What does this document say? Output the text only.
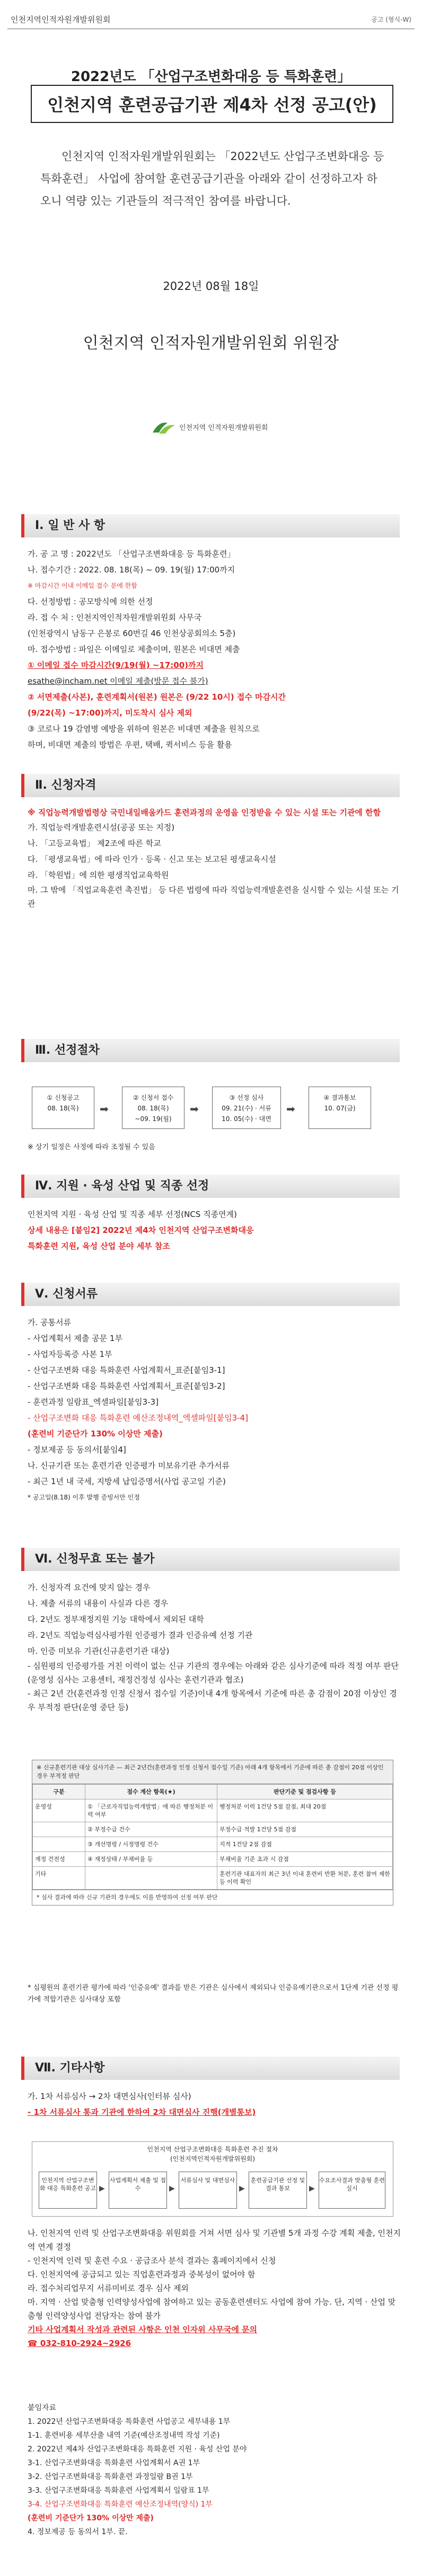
인천지역인적자원개발위원회	공고 (형식-W)
2022년도 「산업구조변화대응 등 특화훈련」
인천지역 훈련공급기관 제4차 선정 공고(안)
인천지역 인적자원개발위원회는 「2022년도 산업구조변화대응 등 특화훈련」 사업에 참여할 훈련공급기관을 아래와 같이 선정하고자 하오니 역량 있는 기관들의 적극적인 참여를 바랍니다.
2022년 08월 18일
인천지역 인적자원개발위원회 위원장
인천지역 인적자원개발위원회
Ⅰ. 일 반 사 항
가. 공 고 명 : 2022년도 「산업구조변화대응 등 특화훈련」
나. 접수기간 : 2022. 08. 18(목) ~ 09. 19(월) 17:00까지
※ 마감시간 이내 이메일 접수 분에 한함
다. 선정방법 : 공모방식에 의한 선정
라. 접 수 처 : 인천지역인적자원개발위원회 사무국
(인천광역시 남동구 은봉로 60번길 46 인천상공회의소 5층)
마. 접수방법 : 파일은 이메일로 제출이며, 원본은 비대면 제출
① 이메일 접수 마감시간(9/19(월) ~17:00)까지
esathe@incham.net 이메일 제출(방문 접수 불가)
② 서면제출(사본), 훈련계획서(원본) 원본은 (9/22 10시) 접수 마감시간
(9/22(목) ~17:00)까지, 미도착시 심사 제외
③ 코로나 19 감염병 예방을 위하여 원본은 비대면 제출을 원칙으로
하며, 비대면 제출의 방법은 우편, 택배, 퀵서비스 등을 활용
Ⅱ. 신청자격
※ 직업능력개발법령상 국민내일배움카드 훈련과정의 운영을 인정받을 수 있는 시설 또는 기관에 한함
가. 직업능력개발훈련시설(공공 또는 지정)
나. 「고등교육법」 제2조에 따른 학교
다. 「평생교육법」에 따라 인가 · 등록 · 신고 또는 보고된 평생교육시설
라. 「학원법」에 의한 평생직업교육학원
마. 그 밖에 「직업교육훈련 촉진법」 등 다른 법령에 따라 직업능력개발훈련을 실시할 수 있는 시설 또는 기관
Ⅲ. 선정절차
① 신청공고
08. 18(목)	➡
② 신청서 접수
08. 18(목)
~09. 19(월)
➡
③ 선정 심사
09. 21(수) · 서류
10. 05(수) · 대면
➡
④ 결과통보
10. 07(금)
※ 상기 일정은 사정에 따라 조정될 수 있음
Ⅳ. 지원 · 육성 산업 및 직종 선정
인천지역 지원 · 육성 산업 및 직종 세부 선정(NCS 직종연계)
상세 내용은 [붙임2] 2022년 제4차 인천지역 산업구조변화대응
특화훈련 지원, 육성 산업 분야 세부 참조
Ⅴ. 신청서류
가. 공통서류
- 사업계획서 제출 공문 1부
- 사업자등록증 사본 1부
- 산업구조변화 대응 특화훈련 사업계획서_표준[붙임3-1]
- 산업구조변화 대응 특화훈련 사업계획서_표준[붙임3-2]
- 훈련과정 일람표_엑셀파일[붙임3-3]
- 산업구조변화 대응 특화훈련 예산조정내역_엑셀파일[붙임3-4]
(훈련비 기준단가 130% 이상만 제출)
- 정보제공 등 동의서[붙임4]
나. 신규기관 또는 훈련기관 인증평가 미보유기관 추가서류
- 최근 1년 내 국세, 지방세 납입증명서(사업 공고일 기준)
* 공고일(8.18) 이후 발행 증빙서만 인정
Ⅵ. 신청무효 또는 불가
가. 신청자격 요건에 맞지 않는 경우
나. 제출 서류의 내용이 사실과 다른 경우
다. 2년도 정부재정지원 기능 대학에서 제외된 대학
라. 2년도 직업능력심사평가원 인증평가 결과 인증유예 선정 기관
마. 인증 미보유 기관(신규훈련기관 대상)
- 심원평의 인증평가를 거친 이력이 없는 신규 기관의 경우에는 아래와 같은 심사기준에 따라 적정 여부 판단(운영성 심사는 고용센터, 재정건정성 심사는 훈련기관과 협조)
- 최근 2년 간(훈련과정 인정 신청서 접수일 기준)이내 4개 항목에서 기준에 따른 총 감점이 20점 이상인 경우 부적정 판단(운영 중단 등)
※ 신규훈련기관 대상 심사기준 — 최근 2년간(훈련과정 인정 신청서 접수일 기준) 아래 4개 항목에서 기준에 따른 총 감점이 20점 이상인 경우 부적정 판단
구분	점수 계산 항목(★)	판단기준 및 점검사항 등
운영성	① 「근로자직업능력개발법」에 따른 행정처분 이력 여부	행정처분 이력 1건당 5점 감점, 최대 20점
	② 부정수급 건수	부정수급 적발 1건당 5점 감점
	③ 개선명령 / 시정명령 건수	지적 1건당 2점 감점
재정 건전성	④ 재정상태 / 부채비율 등	부채비율 기준 초과 시 감점
기타		훈련기관 대표자의 최근 3년 이내 훈련비 반환 처분, 훈련 참여 제한 등 이력 확인
* 심사 결과에 따라 신규 기관의 경우에도 이를 반영하여 선정 여부 판단
* 심평원의 훈련기관 평가에 따라 '인증유예' 결과를 받은 기관은 심사에서 제외되나 인증유예기관으로서 1단계 기관 선정 평가에 적합기관은 심사대상 포함
Ⅶ. 기타사항
가. 1차 서류심사 → 2차 대면심사(인터뷰 심사)
- 1차 서류심사 통과 기관에 한하여 2차 대면심사 진행(개별통보)
인천지역 산업구조변화대응 특화훈련 추진 절차
(인천지역인적자원개발위원회)
인천지역 산업구조변화 대응 특화훈련 공고 ▶
사업계획서 제출 및 접수	▶
서류심사 및 대면심사
▶
훈련공급기관 선정 및 결과 통보	▶
수요조사결과 맞춤형 훈련실시
나. 인천지역 인력 및 산업구조변화대응 위원회를 거쳐 서면 심사 및 기관별 5개 과정 수강 계획 제출, 인천지역 연계 결정
- 인천지역 인력 및 훈련 수요 · 공급조사 분석 결과는 홈페이지에서 신청
다. 인천지역에 공급되고 있는 직업훈련과정과 중복성이 없어야 함
라. 접수처리업무지 서류미비로 경우 심사 제외
마. 지역 · 산업 맞춤형 인력양성사업에 참여하고 있는 공동훈련센터도 사업에 참여 가능. 단, 지역 · 산업 맞춤형 인력양성사업 전담자는 참여 불가
기타 사업계획서 작성과 관련된 사항은 인천 인자위 사무국에 문의
☎ 032-810-2924~2926
붙임자료
1. 2022년 산업구조변화대응 특화훈련 사업공고 세부내용 1부
1-1. 훈련비용 세부산출 내역 기준(예산조정내역 작성 기준)
2. 2022년 제4차 산업구조변화대응 특화훈련 지원 · 육성 산업 분야
3-1. 산업구조변화대응 특화훈련 사업계획서 A권 1부
3-2. 산업구조변화대응 특화훈련 과정일람 B권 1부
3-3. 산업구조변화대응 특화훈련 사업계획서 일람표 1부
3-4. 산업구조변화대응 특화훈련 예산조정내역(양식) 1부
(훈련비 기준단가 130% 이상만 제출)
4. 정보제공 등 동의서 1부. 끝.
